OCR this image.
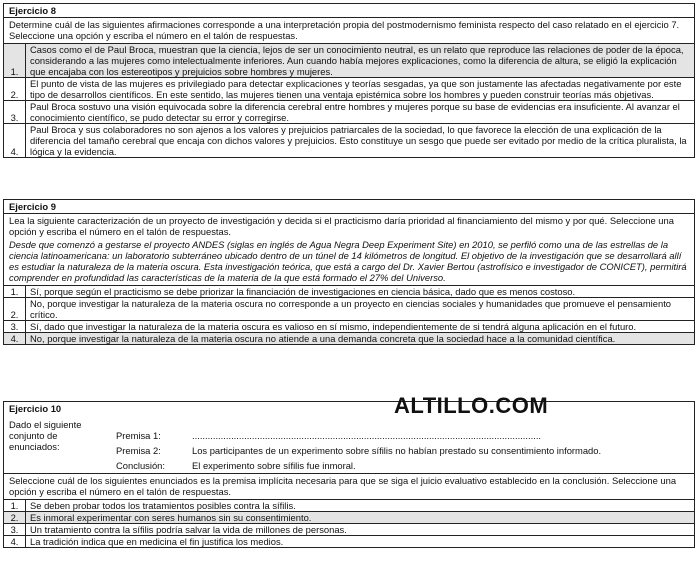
Ejercicio 8

Determine cuál de las siguientes afirmaciones corresponde a una interpretación propia del postmodernismo feminista respecto del caso relatado en el ejercicio 7. Seleccione una opción y escriba el número en el talón de respuestas.

1.
Casos como el de Paul Broca, muestran que la ciencia, lejos de ser un conocimiento neutral, es un relato que reproduce las relaciones de poder de la época, considerando a las mujeres como intelectualmente inferiores. Aun cuando había mejores explicaciones, como la diferencia de altura, se eligió la explicación que encajaba con los estereotipos y prejuicios sobre hombres y mujeres.
2.
El punto de vista de las mujeres es privilegiado para detectar explicaciones y teorías sesgadas, ya que son justamente las afectadas negativamente por este tipo de desarrollos científicos. En este sentido, las mujeres tienen una ventaja epistémica sobre los hombres y pueden construir teorías más objetivas.
3.
Paul Broca sostuvo una visión equivocada sobre la diferencia cerebral entre hombres y mujeres porque su base de evidencias era insuficiente. Al avanzar el conocimiento científico, se pudo detectar su error y corregirse.
4.
Paul Broca y sus colaboradores no son ajenos a los valores y prejuicios patriarcales de la sociedad, lo que favorece la elección de una explicación de la diferencia del tamaño cerebral que encaja con dichos valores y prejuicios. Esto constituye un sesgo que puede ser evitado por medio de la crítica pluralista, la lógica y la evidencia.
Ejercicio 9

Lea la siguiente caracterización de un proyecto de investigación y decida si el practicismo daría prioridad al financiamiento del mismo y por qué. Seleccione una opción y escriba el número en el talón de respuestas.

Desde que comenzó a gestarse el proyecto ANDES (siglas en inglés de Agua Negra Deep Experiment Site) en 2010, se perfiló como una de las estrellas de la ciencia latinoamericana: un laboratorio subterráneo ubicado dentro de un túnel de 14 kilómetros de longitud. El objetivo de la investigación que se desarrollará allí es estudiar la naturaleza de la materia oscura. Esta investigación teórica, que está a cargo del Dr. Xavier Bertou (astrofísico e investigador de CONICET), permitirá comprender en profundidad las características de la materia de la que está formado el 27% del Universo.

1.	Sí, porque según el practicismo se debe priorizar la financiación de investigaciones en ciencia básica, dado que es menos costoso.
2.
No, porque investigar la naturaleza de la materia oscura no corresponde a un proyecto en ciencias sociales y humanidades que promueve el pensamiento crítico.
3.	Sí, dado que investigar la naturaleza de la materia oscura es valioso en sí mismo, independientemente de si tendrá alguna aplicación en el futuro.
4.	No, porque investigar la naturaleza de la materia oscura no atiende a una demanda concreta que la sociedad hace a la comunidad científica.
Ejercicio 10	ALTILLO.COM
Dado el siguiente conjunto de enunciados:
Premisa 1:	......................................................................................................................................
Premisa 2:	Los participantes de un experimento sobre sífilis no habían prestado su consentimiento informado.
Conclusión:	El experimento sobre sífilis fue inmoral.

Seleccione cuál de los siguientes enunciados es la premisa implícita necesaria para que se siga el juicio evaluativo establecido en la conclusión. Seleccione una opción y escriba el número en el talón de respuestas.

1.	Se deben probar todos los tratamientos posibles contra la sífilis.
2.	Es inmoral experimentar con seres humanos sin su consentimiento.
3.	Un tratamiento contra la sífilis podría salvar la vida de millones de personas.
4.	La tradición indica que en medicina el fin justifica los medios.
